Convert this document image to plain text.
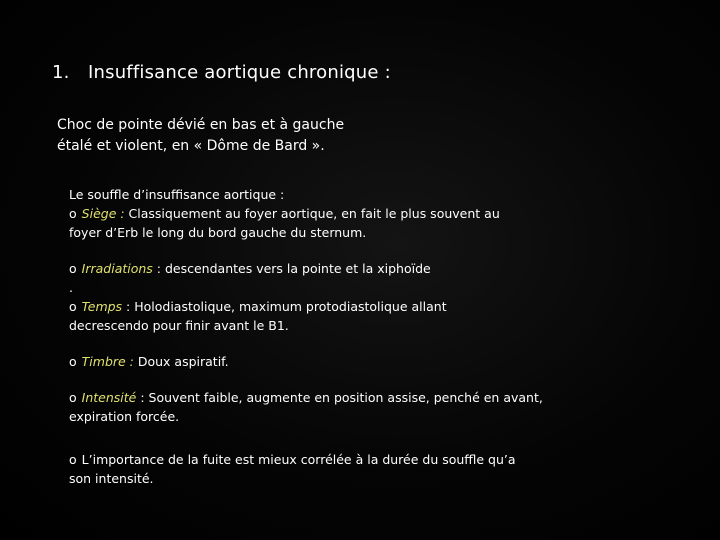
1. Insuffisance aortique chronique :
Choc de pointe dévié en bas et à gauche
étalé et violent, en « Dôme de Bard ».
Le souffle d’insuffisance aortique :
o Siège : Classiquement au foyer aortique, en fait le plus souvent au
foyer d’Erb le long du bord gauche du sternum.
o Irradiations : descendantes vers la pointe et la xiphoïde
.
o Temps : Holodiastolique, maximum protodiastolique allant
decrescendo pour finir avant le B1.
o Timbre : Doux aspiratif.
o Intensité : Souvent faible, augmente en position assise, penché en avant,
expiration forcée.
o L’importance de la fuite est mieux corrélée à la durée du souffle qu’a
son intensité.
